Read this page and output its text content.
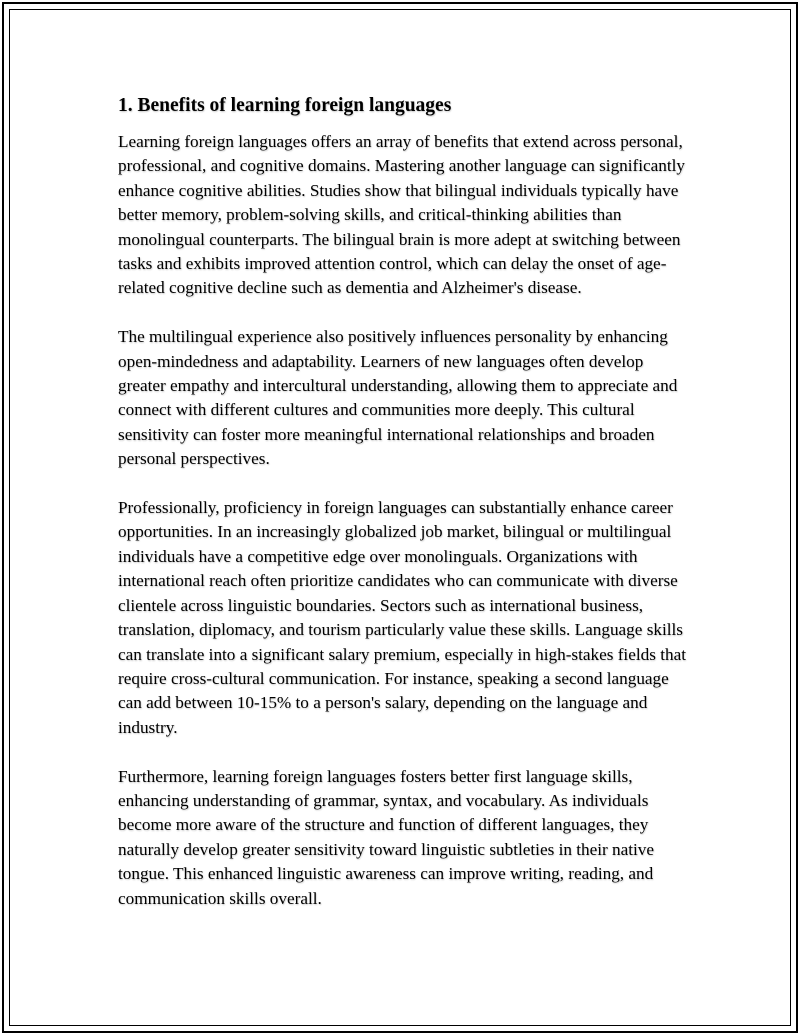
1. Benefits of learning foreign languages

Learning foreign languages offers an array of benefits that extend across personal, professional, and cognitive domains. Mastering another language can significantly enhance cognitive abilities. Studies show that bilingual individuals typically have better memory, problem-solving skills, and critical-thinking abilities than monolingual counterparts. The bilingual brain is more adept at switching between tasks and exhibits improved attention control, which can delay the onset of age-related cognitive decline such as dementia and Alzheimer's disease.

The multilingual experience also positively influences personality by enhancing open-mindedness and adaptability. Learners of new languages often develop greater empathy and intercultural understanding, allowing them to appreciate and connect with different cultures and communities more deeply. This cultural sensitivity can foster more meaningful international relationships and broaden personal perspectives.

Professionally, proficiency in foreign languages can substantially enhance career opportunities. In an increasingly globalized job market, bilingual or multilingual individuals have a competitive edge over monolinguals. Organizations with international reach often prioritize candidates who can communicate with diverse clientele across linguistic boundaries. Sectors such as international business, translation, diplomacy, and tourism particularly value these skills. Language skills can translate into a significant salary premium, especially in high-stakes fields that require cross-cultural communication. For instance, speaking a second language can add between 10-15% to a person's salary, depending on the language and industry.

Furthermore, learning foreign languages fosters better first language skills, enhancing understanding of grammar, syntax, and vocabulary. As individuals become more aware of the structure and function of different languages, they naturally develop greater sensitivity toward linguistic subtleties in their native tongue. This enhanced linguistic awareness can improve writing, reading, and communication skills overall.
